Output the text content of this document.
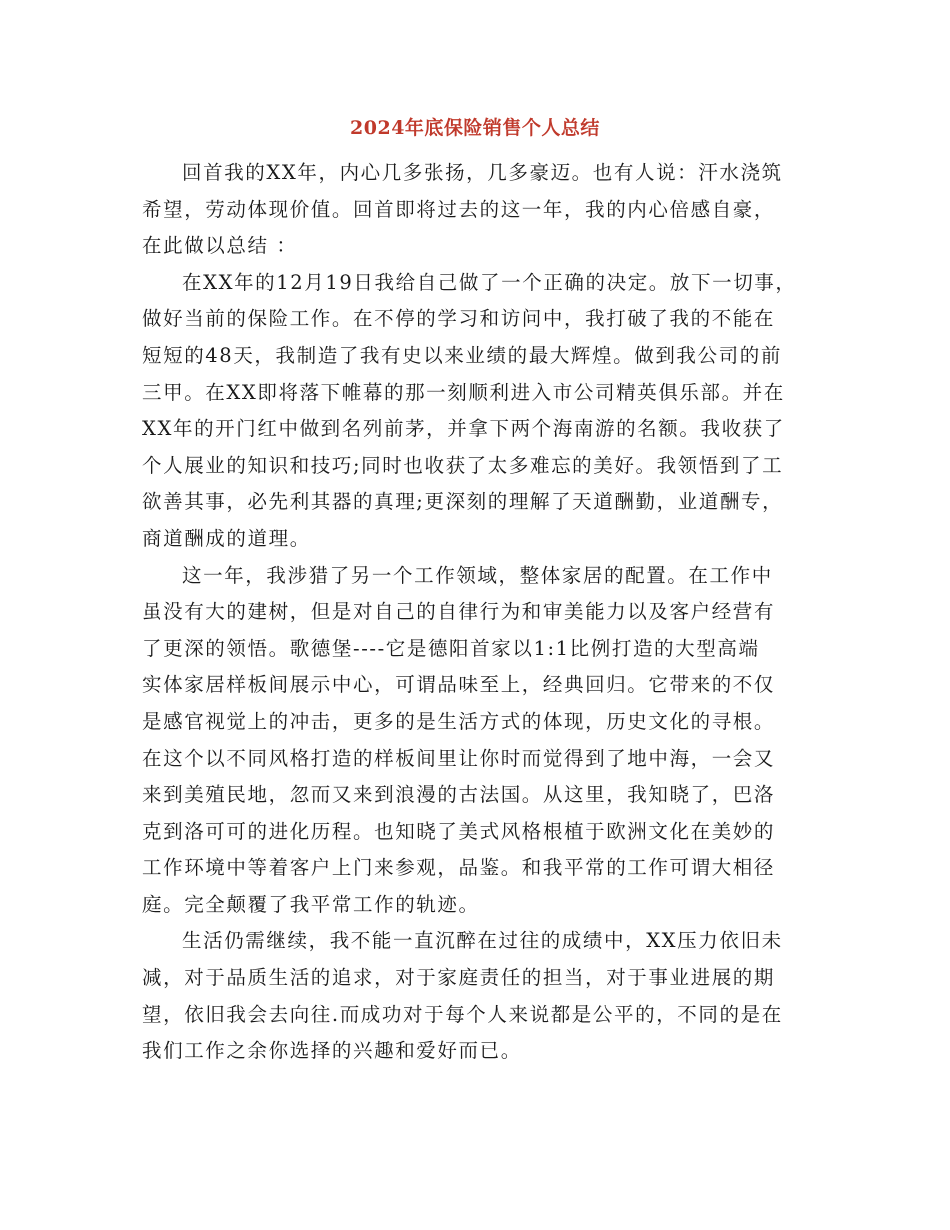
2024年底保险销售个人总结

回首我的XX年，内心几多张扬，几多豪迈。也有人说：汗水浇筑
希望，劳动体现价值。回首即将过去的这一年，我的内心倍感自豪，
在此做以总结 ：

在XX年的12月19日我给自己做了一个正确的决定。放下一切事，
做好当前的保险工作。在不停的学习和访问中，我打破了我的不能在
短短的48天，我制造了我有史以来业绩的最大辉煌。做到我公司的前
三甲。在XX即将落下帷幕的那一刻顺利进入市公司精英俱乐部。并在
XX年的开门红中做到名列前茅，并拿下两个海南游的名额。我收获了
个人展业的知识和技巧;同时也收获了太多难忘的美好。我领悟到了工
欲善其事，必先利其器的真理;更深刻的理解了天道酬勤，业道酬专，
商道酬成的道理。

这一年，我涉猎了另一个工作领域，整体家居的配置。在工作中
虽没有大的建树，但是对自己的自律行为和审美能力以及客户经营有
了更深的领悟。歌德堡----它是德阳首家以1:1比例打造的大型高端
实体家居样板间展示中心，可谓品味至上，经典回归。它带来的不仅
是感官视觉上的冲击，更多的是生活方式的体现，历史文化的寻根。
在这个以不同风格打造的样板间里让你时而觉得到了地中海，一会又
来到美殖民地，忽而又来到浪漫的古法国。从这里，我知晓了，巴洛
克到洛可可的进化历程。也知晓了美式风格根植于欧洲文化在美妙的
工作环境中等着客户上门来参观，品鉴。和我平常的工作可谓大相径
庭。完全颠覆了我平常工作的轨迹。

生活仍需继续，我不能一直沉醉在过往的成绩中，XX压力依旧未
减，对于品质生活的追求，对于家庭责任的担当，对于事业进展的期
望，依旧我会去向往.而成功对于每个人来说都是公平的，不同的是在
我们工作之余你选择的兴趣和爱好而已。
